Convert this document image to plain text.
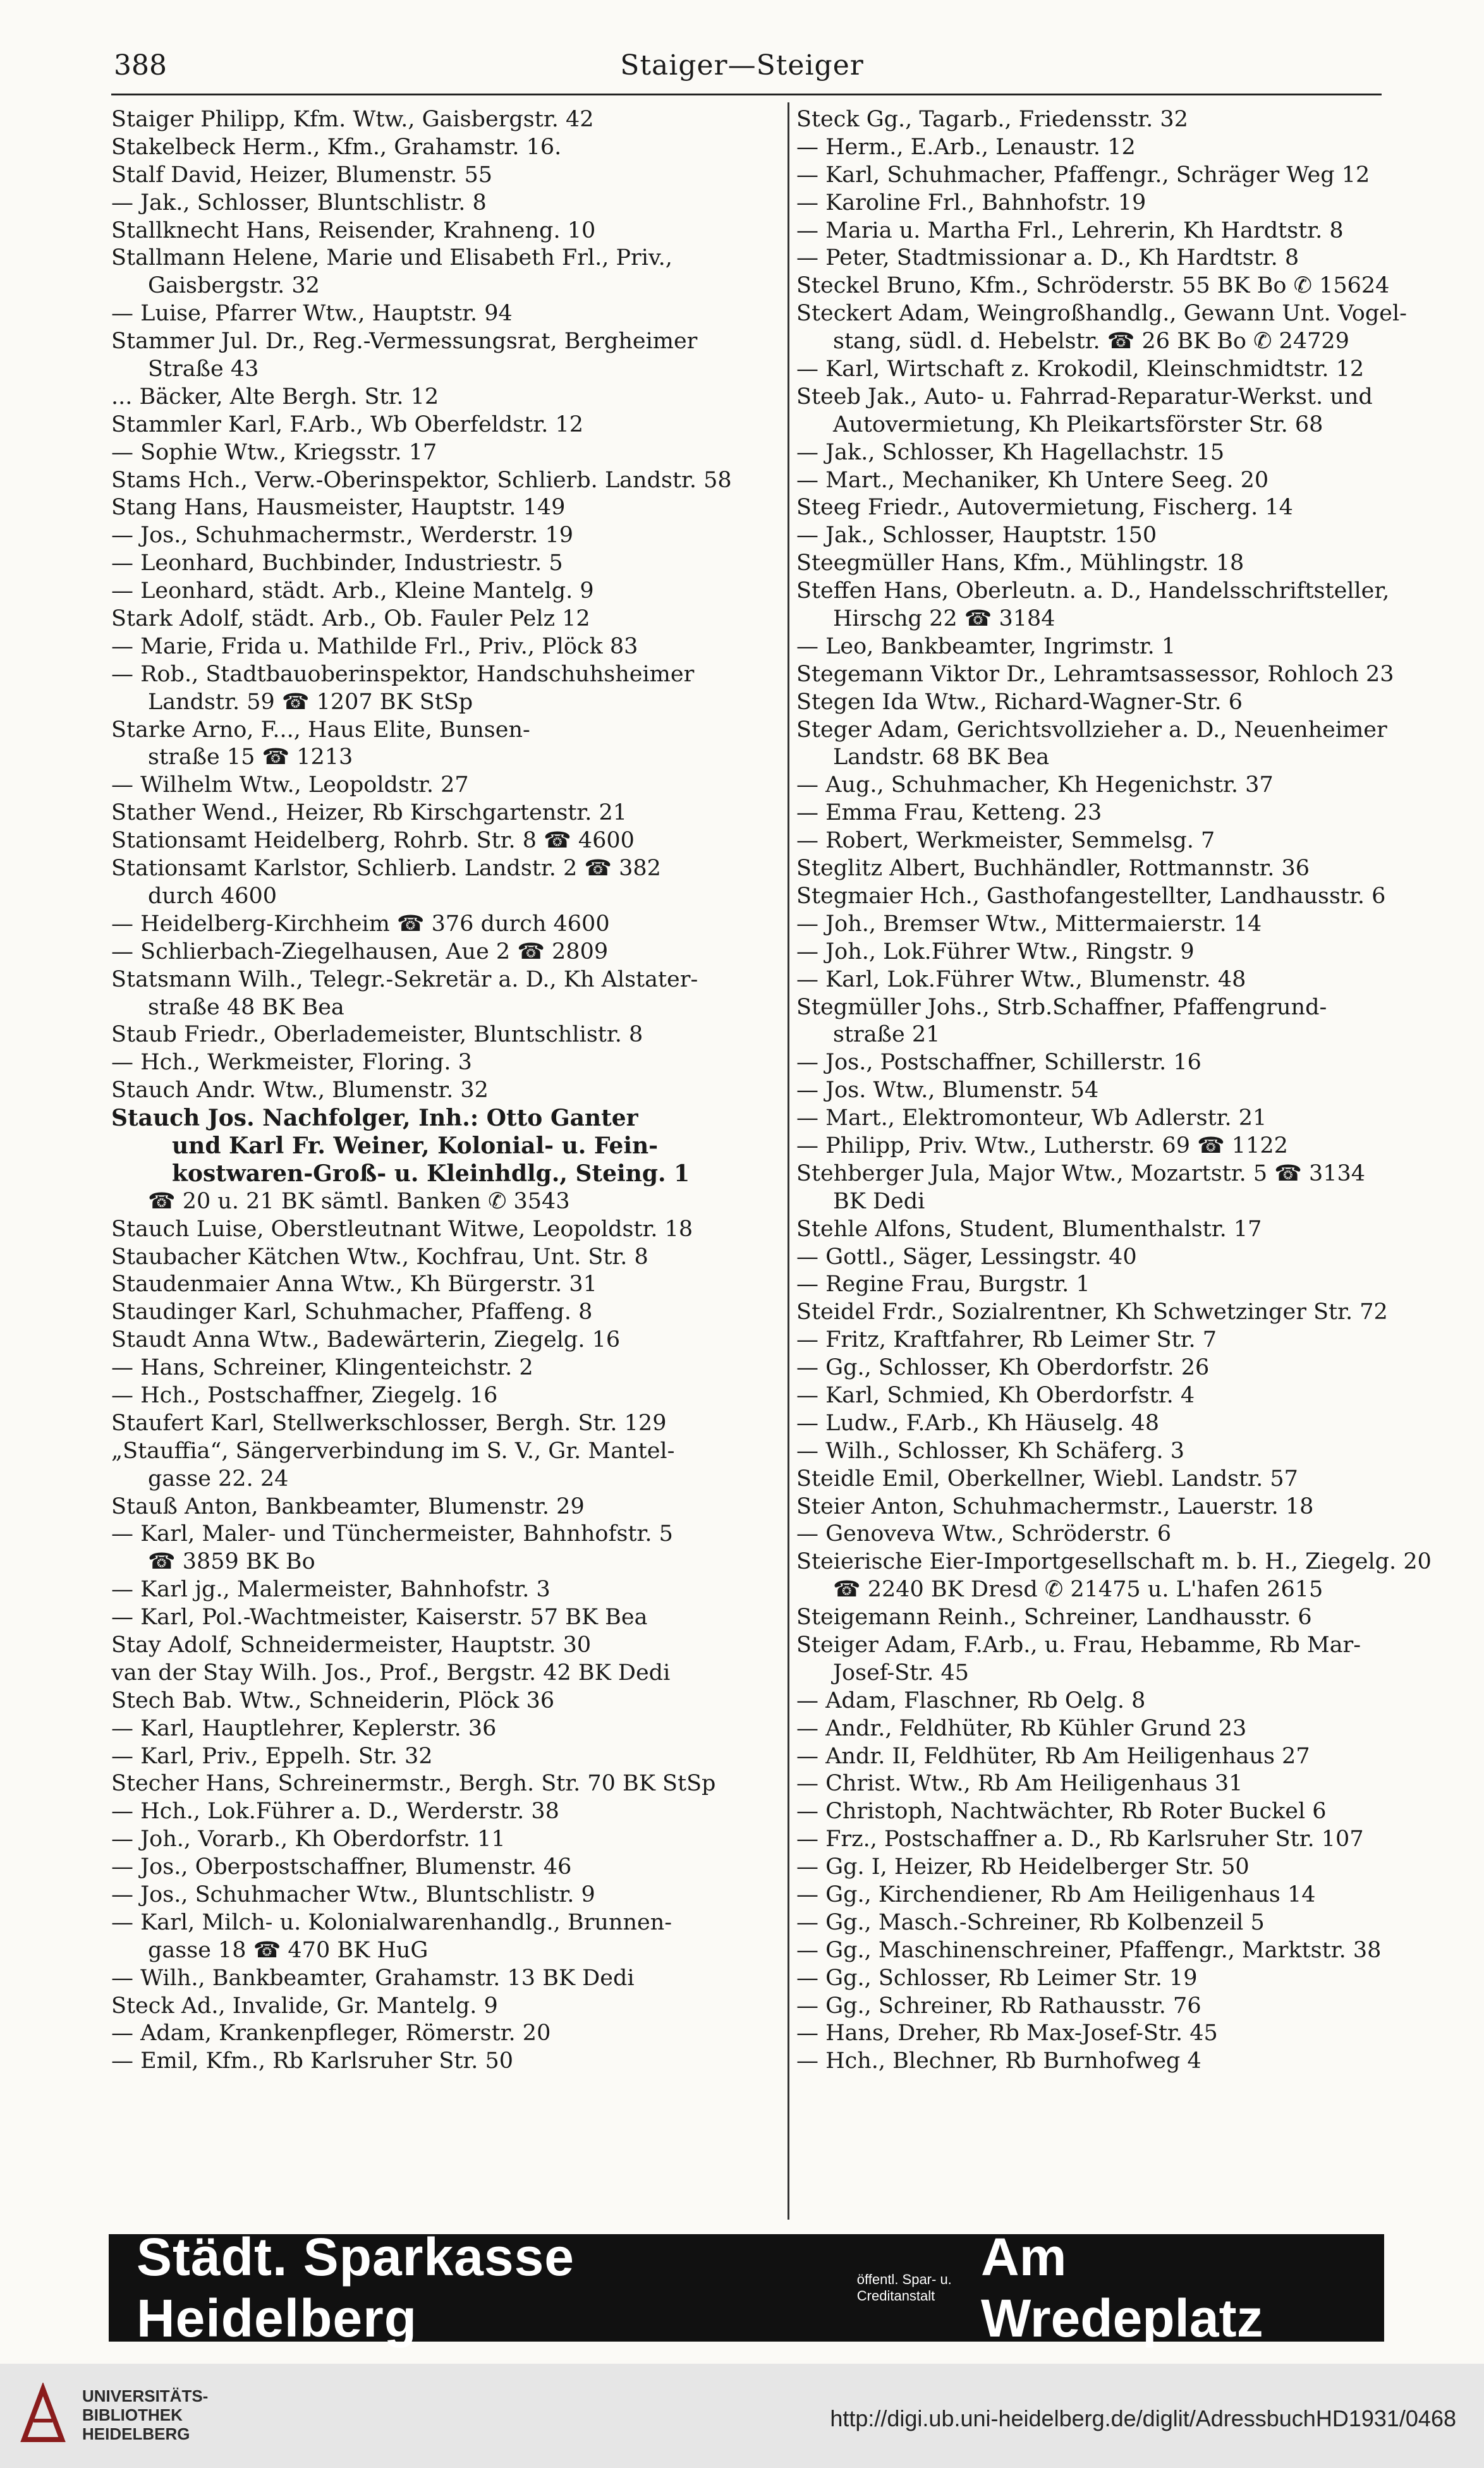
388	Staiger—Steiger
Staiger Philipp, Kfm. Wtw., Gaisbergstr. 42
Stakelbeck Herm., Kfm., Grahamstr. 16.
Stalf David, Heizer, Blumenstr. 55
— Jak., Schlosser, Bluntschlistr. 8
Stallknecht Hans, Reisender, Krahneng. 10
Stallmann Helene, Marie und Elisabeth Frl., Priv.,
Gaisbergstr. 32
— Luise, Pfarrer Wtw., Hauptstr. 94
Stammer Jul. Dr., Reg.-Vermessungsrat, Bergheimer
Straße 43
... Bäcker, Alte Bergh. Str. 12
Stammler Karl, F.Arb., Wb Oberfeldstr. 12
— Sophie Wtw., Kriegsstr. 17
Stams Hch., Verw.-Oberinspektor, Schlierb. Landstr. 58
Stang Hans, Hausmeister, Hauptstr. 149
— Jos., Schuhmachermstr., Werderstr. 19
— Leonhard, Buchbinder, Industriestr. 5
— Leonhard, städt. Arb., Kleine Mantelg. 9
Stark Adolf, städt. Arb., Ob. Fauler Pelz 12
— Marie, Frida u. Mathilde Frl., Priv., Plöck 83
— Rob., Stadtbauoberinspektor, Handschuhsheimer
Landstr. 59 ☎ 1207 BK StSp
Starke Arno, F..., Haus Elite, Bunsen-
straße 15 ☎ 1213
— Wilhelm Wtw., Leopoldstr. 27
Stather Wend., Heizer, Rb Kirschgartenstr. 21
Stationsamt Heidelberg, Rohrb. Str. 8 ☎ 4600
Stationsamt Karlstor, Schlierb. Landstr. 2 ☎ 382
durch 4600
— Heidelberg-Kirchheim ☎ 376 durch 4600
— Schlierbach-Ziegelhausen, Aue 2 ☎ 2809
Statsmann Wilh., Telegr.-Sekretär a. D., Kh Alstater-
straße 48 BK Bea
Staub Friedr., Oberlademeister, Bluntschlistr. 8
— Hch., Werkmeister, Floring. 3
Stauch Andr. Wtw., Blumenstr. 32
Stauch Jos. Nachfolger, Inh.: Otto Ganter
und Karl Fr. Weiner, Kolonial- u. Fein-
kostwaren-Groß- u. Kleinhdlg., Steing. 1
☎ 20 u. 21 BK sämtl. Banken ✆ 3543
Stauch Luise, Oberstleutnant Witwe, Leopoldstr. 18
Staubacher Kätchen Wtw., Kochfrau, Unt. Str. 8
Staudenmaier Anna Wtw., Kh Bürgerstr. 31
Staudinger Karl, Schuhmacher, Pfaffeng. 8
Staudt Anna Wtw., Badewärterin, Ziegelg. 16
— Hans, Schreiner, Klingenteichstr. 2
— Hch., Postschaffner, Ziegelg. 16
Staufert Karl, Stellwerkschlosser, Bergh. Str. 129
„Stauffia“, Sängerverbindung im S. V., Gr. Mantel-
gasse 22. 24
Stauß Anton, Bankbeamter, Blumenstr. 29
— Karl, Maler- und Tünchermeister, Bahnhofstr. 5
☎ 3859 BK Bo
— Karl jg., Malermeister, Bahnhofstr. 3
— Karl, Pol.-Wachtmeister, Kaiserstr. 57 BK Bea
Stay Adolf, Schneidermeister, Hauptstr. 30
van der Stay Wilh. Jos., Prof., Bergstr. 42 BK Dedi
Stech Bab. Wtw., Schneiderin, Plöck 36
— Karl, Hauptlehrer, Keplerstr. 36
— Karl, Priv., Eppelh. Str. 32
Stecher Hans, Schreinermstr., Bergh. Str. 70 BK StSp
— Hch., Lok.Führer a. D., Werderstr. 38
— Joh., Vorarb., Kh Oberdorfstr. 11
— Jos., Oberpostschaffner, Blumenstr. 46
— Jos., Schuhmacher Wtw., Bluntschlistr. 9
— Karl, Milch- u. Kolonialwarenhandlg., Brunnen-
gasse 18 ☎ 470 BK HuG
— Wilh., Bankbeamter, Grahamstr. 13 BK Dedi
Steck Ad., Invalide, Gr. Mantelg. 9
— Adam, Krankenpfleger, Römerstr. 20
— Emil, Kfm., Rb Karlsruher Str. 50
Steck Gg., Tagarb., Friedensstr. 32
— Herm., E.Arb., Lenaustr. 12
— Karl, Schuhmacher, Pfaffengr., Schräger Weg 12
— Karoline Frl., Bahnhofstr. 19
— Maria u. Martha Frl., Lehrerin, Kh Hardtstr. 8
— Peter, Stadtmissionar a. D., Kh Hardtstr. 8
Steckel Bruno, Kfm., Schröderstr. 55 BK Bo ✆ 15624
Steckert Adam, Weingroßhandlg., Gewann Unt. Vogel-
stang, südl. d. Hebelstr. ☎ 26 BK Bo ✆ 24729
— Karl, Wirtschaft z. Krokodil, Kleinschmidtstr. 12
Steeb Jak., Auto- u. Fahrrad-Reparatur-Werkst. und
Autovermietung, Kh Pleikartsförster Str. 68
— Jak., Schlosser, Kh Hagellachstr. 15
— Mart., Mechaniker, Kh Untere Seeg. 20
Steeg Friedr., Autovermietung, Fischerg. 14
— Jak., Schlosser, Hauptstr. 150
Steegmüller Hans, Kfm., Mühlingstr. 18
Steffen Hans, Oberleutn. a. D., Handelsschriftsteller,
Hirschg 22 ☎ 3184
— Leo, Bankbeamter, Ingrimstr. 1
Stegemann Viktor Dr., Lehramtsassessor, Rohloch 23
Stegen Ida Wtw., Richard-Wagner-Str. 6
Steger Adam, Gerichtsvollzieher a. D., Neuenheimer
Landstr. 68 BK Bea
— Aug., Schuhmacher, Kh Hegenichstr. 37
— Emma Frau, Ketteng. 23
— Robert, Werkmeister, Semmelsg. 7
Steglitz Albert, Buchhändler, Rottmannstr. 36
Stegmaier Hch., Gasthofangestellter, Landhausstr. 6
— Joh., Bremser Wtw., Mittermaierstr. 14
— Joh., Lok.Führer Wtw., Ringstr. 9
— Karl, Lok.Führer Wtw., Blumenstr. 48
Stegmüller Johs., Strb.Schaffner, Pfaffengrund-
straße 21
— Jos., Postschaffner, Schillerstr. 16
— Jos. Wtw., Blumenstr. 54
— Mart., Elektromonteur, Wb Adlerstr. 21
— Philipp, Priv. Wtw., Lutherstr. 69 ☎ 1122
Stehberger Jula, Major Wtw., Mozartstr. 5 ☎ 3134
BK Dedi
Stehle Alfons, Student, Blumenthalstr. 17
— Gottl., Säger, Lessingstr. 40
— Regine Frau, Burgstr. 1
Steidel Frdr., Sozialrentner, Kh Schwetzinger Str. 72
— Fritz, Kraftfahrer, Rb Leimer Str. 7
— Gg., Schlosser, Kh Oberdorfstr. 26
— Karl, Schmied, Kh Oberdorfstr. 4
— Ludw., F.Arb., Kh Häuselg. 48
— Wilh., Schlosser, Kh Schäferg. 3
Steidle Emil, Oberkellner, Wiebl. Landstr. 57
Steier Anton, Schuhmachermstr., Lauerstr. 18
— Genoveva Wtw., Schröderstr. 6
Steierische Eier-Importgesellschaft m. b. H., Ziegelg. 20
☎ 2240 BK Dresd ✆ 21475 u. L'hafen 2615
Steigemann Reinh., Schreiner, Landhausstr. 6
Steiger Adam, F.Arb., u. Frau, Hebamme, Rb Mar-
Josef-Str. 45
— Adam, Flaschner, Rb Oelg. 8
— Andr., Feldhüter, Rb Kühler Grund 23
— Andr. II, Feldhüter, Rb Am Heiligenhaus 27
— Christ. Wtw., Rb Am Heiligenhaus 31
— Christoph, Nachtwächter, Rb Roter Buckel 6
— Frz., Postschaffner a. D., Rb Karlsruher Str. 107
— Gg. I, Heizer, Rb Heidelberger Str. 50
— Gg., Kirchendiener, Rb Am Heiligenhaus 14
— Gg., Masch.-Schreiner, Rb Kolbenzeil 5
— Gg., Maschinenschreiner, Pfaffengr., Marktstr. 38
— Gg., Schlosser, Rb Leimer Str. 19
— Gg., Schreiner, Rb Rathausstr. 76
— Hans, Dreher, Rb Max-Josef-Str. 45
— Hch., Blechner, Rb Burnhofweg 4
Städt. Sparkasse Heidelberg
öffentl. Spar- u.
Creditanstalt
Am Wredeplatz
UNIVERSITÄTS-
BIBLIOTHEK
HEIDELBERG
http://digi.ub.uni-heidelberg.de/diglit/AdressbuchHD1931/0468
